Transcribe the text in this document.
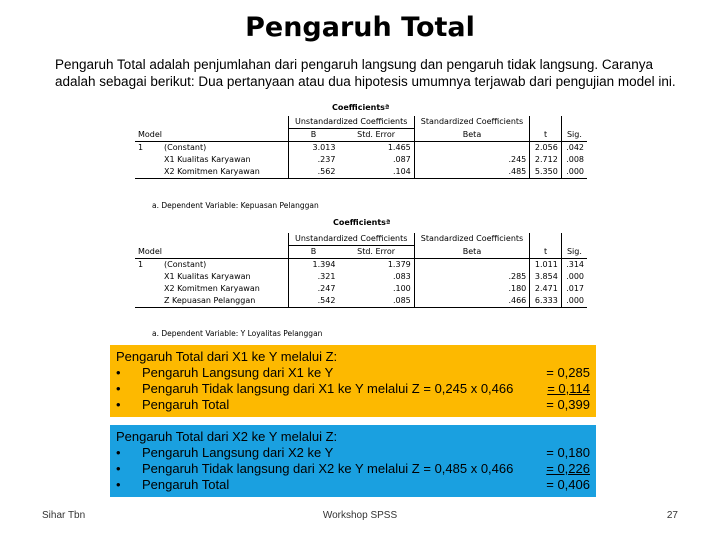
Pengaruh Total
Pengaruh Total adalah penjumlahan dari pengaruh langsung dan pengaruh tidak langsung. Caranya adalah sebagai berikut: Dua pertanyaan atau dua hipotesis umumnya terjawab dari pengujian model ini.
Coefficientsª
		Unstandardized Coefficients		Standardized Coefficients		
Model		B	Std. Error	Beta	t	Sig.
1	(Constant)	3.013	1.465		2.056	.042
	X1 Kualitas Karyawan	.237	.087	.245	2.712	.008
	X2 Komitmen Karyawan	.562	.104	.485	5.350	.000
a. Dependent Variable: Kepuasan Pelanggan
Coefficientsª
		Unstandardized Coefficients		Standardized Coefficients		
Model		B	Std. Error	Beta	t	Sig.
1	(Constant)	1.394	1.379		1.011	.314
	X1 Kualitas Karyawan	.321	.083	.285	3.854	.000
	X2 Komitmen Karyawan	.247	.100	.180	2.471	.017
	Z Kepuasan Pelanggan	.542	.085	.466	6.333	.000
a. Dependent Variable: Y Loyalitas Pelanggan
Pengaruh Total dari X1 ke Y melalui Z:
• Pengaruh Langsung dari X1 ke Y	= 0,285
• Pengaruh Tidak langsung dari X1 ke Y melalui Z = 0,245 x 0,466	= 0,114
• Pengaruh Total	= 0,399
Pengaruh Total dari X2 ke Y melalui Z:
• Pengaruh Langsung dari X2 ke Y	= 0,180
• Pengaruh Tidak langsung dari X2 ke Y melalui Z = 0,485 x 0,466	= 0,226
• Pengaruh Total	= 0,406
Sihar Tbn	Workshop SPSS	27
